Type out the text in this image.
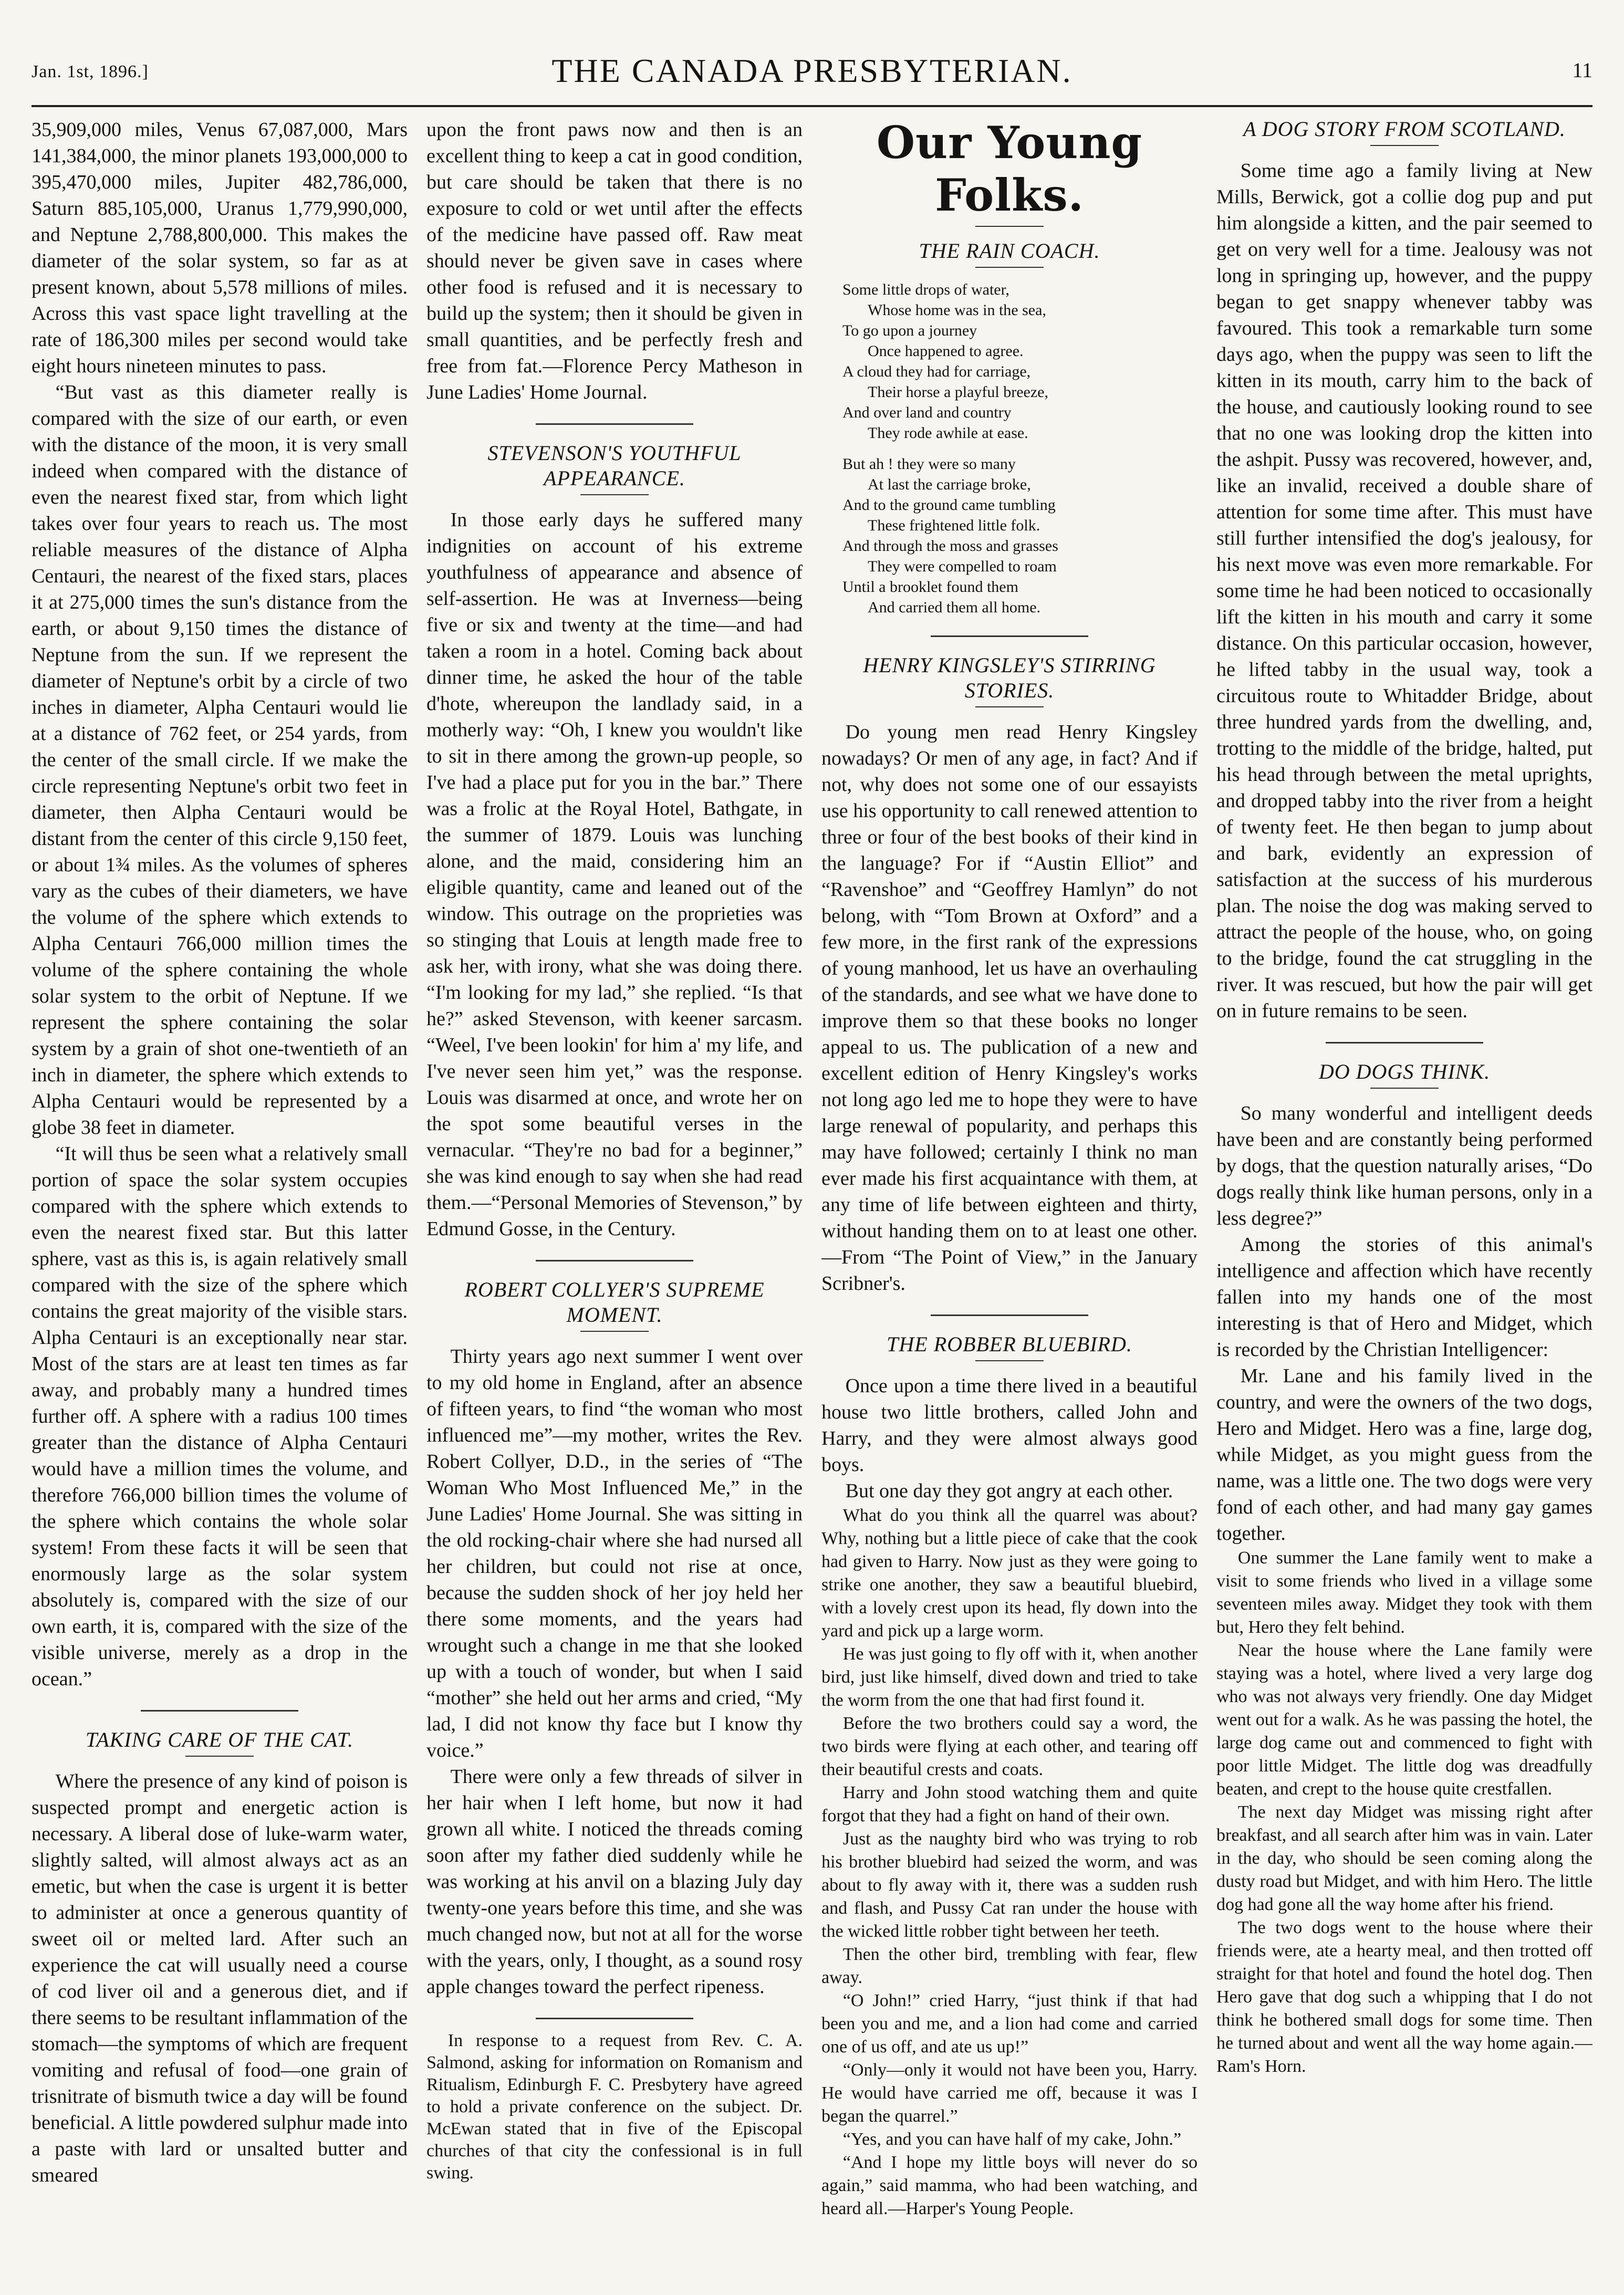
Jan. 1st, 1896.]	THE CANADA PRESBYTERIAN.	11

35,909,000 miles, Venus 67,087,000, Mars 141,384,000, the minor planets 193,000,000 to 395,470,000 miles, Jupiter 482,786,000, Saturn 885,105,000, Uranus 1,779,990,000, and Neptune 2,788,800,000. This makes the diameter of the solar system, so far as at present known, about 5,578 millions of miles. Across this vast space light travelling at the rate of 186,300 miles per second would take eight hours nineteen minutes to pass.

“But vast as this diameter really is compared with the size of our earth, or even with the distance of the moon, it is very small indeed when compared with the distance of even the nearest fixed star, from which light takes over four years to reach us. The most reliable measures of the distance of Alpha Centauri, the nearest of the fixed stars, places it at 275,000 times the sun's distance from the earth, or about 9,150 times the distance of Neptune from the sun. If we represent the diameter of Neptune's orbit by a circle of two inches in diameter, Alpha Centauri would lie at a distance of 762 feet, or 254 yards, from the center of the small circle. If we make the circle representing Neptune's orbit two feet in diameter, then Alpha Centauri would be distant from the center of this circle 9,150 feet, or about 1¾ miles. As the volumes of spheres vary as the cubes of their diameters, we have the volume of the sphere which extends to Alpha Centauri 766,000 million times the volume of the sphere containing the whole solar system to the orbit of Neptune. If we represent the sphere containing the solar system by a grain of shot one-twentieth of an inch in diameter, the sphere which extends to Alpha Centauri would be represented by a globe 38 feet in diameter.

“It will thus be seen what a relatively small portion of space the solar system occupies compared with the sphere which extends to even the nearest fixed star. But this latter sphere, vast as this is, is again relatively small compared with the size of the sphere which contains the great majority of the visible stars. Alpha Centauri is an exceptionally near star. Most of the stars are at least ten times as far away, and probably many a hundred times further off. A sphere with a radius 100 times greater than the distance of Alpha Centauri would have a million times the volume, and therefore 766,000 billion times the volume of the sphere which contains the whole solar system! From these facts it will be seen that enormously large as the solar system absolutely is, compared with the size of our own earth, it is, compared with the size of the visible universe, merely as a drop in the ocean.”

TAKING CARE OF THE CAT.

Where the presence of any kind of poison is suspected prompt and energetic action is necessary. A liberal dose of luke-warm water, slightly salted, will almost always act as an emetic, but when the case is urgent it is better to administer at once a generous quantity of sweet oil or melted lard. After such an experience the cat will usually need a course of cod liver oil and a generous diet, and if there seems to be resultant inflammation of the stomach—the symptoms of which are frequent vomiting and refusal of food—one grain of trisnitrate of bismuth twice a day will be found beneficial. A little powdered sulphur made into a paste with lard or unsalted butter and smeared

upon the front paws now and then is an excellent thing to keep a cat in good condition, but care should be taken that there is no exposure to cold or wet until after the effects of the medicine have passed off. Raw meat should never be given save in cases where other food is refused and it is necessary to build up the system; then it should be given in small quantities, and be perfectly fresh and free from fat.—Florence Percy Matheson in June Ladies' Home Journal.

STEVENSON'S YOUTHFUL APPEARANCE.

In those early days he suffered many indignities on account of his extreme youthfulness of appearance and absence of self-assertion. He was at Inverness—being five or six and twenty at the time—and had taken a room in a hotel. Coming back about dinner time, he asked the hour of the table d'hote, whereupon the landlady said, in a motherly way: “Oh, I knew you wouldn't like to sit in there among the grown-up people, so I've had a place put for you in the bar.” There was a frolic at the Royal Hotel, Bathgate, in the summer of 1879. Louis was lunching alone, and the maid, considering him an eligible quantity, came and leaned out of the window. This outrage on the proprieties was so stinging that Louis at length made free to ask her, with irony, what she was doing there. “I'm looking for my lad,” she replied. “Is that he?” asked Stevenson, with keener sarcasm. “Weel, I've been lookin' for him a' my life, and I've never seen him yet,” was the response. Louis was disarmed at once, and wrote her on the spot some beautiful verses in the vernacular. “They're no bad for a beginner,” she was kind enough to say when she had read them.—“Personal Memories of Stevenson,” by Edmund Gosse, in the Century.

ROBERT COLLYER'S SUPREME MOMENT.

Thirty years ago next summer I went over to my old home in England, after an absence of fifteen years, to find “the woman who most influenced me”—my mother, writes the Rev. Robert Collyer, D.D., in the series of “The Woman Who Most Influenced Me,” in the June Ladies' Home Journal. She was sitting in the old rocking-chair where she had nursed all her children, but could not rise at once, because the sudden shock of her joy held her there some moments, and the years had wrought such a change in me that she looked up with a touch of wonder, but when I said “mother” she held out her arms and cried, “My lad, I did not know thy face but I know thy voice.”

There were only a few threads of silver in her hair when I left home, but now it had grown all white. I noticed the threads coming soon after my father died suddenly while he was working at his anvil on a blazing July day twenty-one years before this time, and she was much changed now, but not at all for the worse with the years, only, I thought, as a sound rosy apple changes toward the perfect ripeness.

In response to a request from Rev. C. A. Salmond, asking for information on Romanism and Ritualism, Edinburgh F. C. Presbytery have agreed to hold a private conference on the subject. Dr. McEwan stated that in five of the Episcopal churches of that city the confessional is in full swing.

Our Young Folks.
THE RAIN COACH.
Some little drops of water,
Whose home was in the sea,
To go upon a journey
Once happened to agree.
A cloud they had for carriage,
Their horse a playful breeze,
And over land and country
They rode awhile at ease.
But ah ! they were so many
At last the carriage broke,
And to the ground came tumbling
These frightened little folk.
And through the moss and grasses
They were compelled to roam
Until a brooklet found them
And carried them all home.
HENRY KINGSLEY'S STIRRING STORIES.

Do young men read Henry Kingsley nowadays? Or men of any age, in fact? And if not, why does not some one of our essayists use his opportunity to call renewed attention to three or four of the best books of their kind in the language? For if “Austin Elliot” and “Ravenshoe” and “Geoffrey Hamlyn” do not belong, with “Tom Brown at Oxford” and a few more, in the first rank of the expressions of young manhood, let us have an overhauling of the standards, and see what we have done to improve them so that these books no longer appeal to us. The publication of a new and excellent edition of Henry Kingsley's works not long ago led me to hope they were to have large renewal of popularity, and perhaps this may have followed; certainly I think no man ever made his first acquaintance with them, at any time of life between eighteen and thirty, without handing them on to at least one other.—From “The Point of View,” in the January Scribner's.

THE ROBBER BLUEBIRD.

Once upon a time there lived in a beautiful house two little brothers, called John and Harry, and they were almost always good boys.

But one day they got angry at each other.

What do you think all the quarrel was about? Why, nothing but a little piece of cake that the cook had given to Harry. Now just as they were going to strike one another, they saw a beautiful bluebird, with a lovely crest upon its head, fly down into the yard and pick up a large worm.

He was just going to fly off with it, when another bird, just like himself, dived down and tried to take the worm from the one that had first found it.

Before the two brothers could say a word, the two birds were flying at each other, and tearing off their beautiful crests and coats.

Harry and John stood watching them and quite forgot that they had a fight on hand of their own.

Just as the naughty bird who was trying to rob his brother bluebird had seized the worm, and was about to fly away with it, there was a sudden rush and flash, and Pussy Cat ran under the house with the wicked little robber tight between her teeth.

Then the other bird, trembling with fear, flew away.

“O John!” cried Harry, “just think if that had been you and me, and a lion had come and carried one of us off, and ate us up!”

“Only—only it would not have been you, Harry. He would have carried me off, because it was I began the quarrel.”

“Yes, and you can have half of my cake, John.”

“And I hope my little boys will never do so again,” said mamma, who had been watching, and heard all.—Harper's Young People.

A DOG STORY FROM SCOTLAND.

Some time ago a family living at New Mills, Berwick, got a collie dog pup and put him alongside a kitten, and the pair seemed to get on very well for a time. Jealousy was not long in springing up, however, and the puppy began to get snappy whenever tabby was favoured. This took a remarkable turn some days ago, when the puppy was seen to lift the kitten in its mouth, carry him to the back of the house, and cautiously looking round to see that no one was looking drop the kitten into the ashpit. Pussy was recovered, however, and, like an invalid, received a double share of attention for some time after. This must have still further intensified the dog's jealousy, for his next move was even more remarkable. For some time he had been noticed to occasionally lift the kitten in his mouth and carry it some distance. On this particular occasion, however, he lifted tabby in the usual way, took a circuitous route to Whitadder Bridge, about three hundred yards from the dwelling, and, trotting to the middle of the bridge, halted, put his head through between the metal uprights, and dropped tabby into the river from a height of twenty feet. He then began to jump about and bark, evidently an expression of satisfaction at the success of his murderous plan. The noise the dog was making served to attract the people of the house, who, on going to the bridge, found the cat struggling in the river. It was rescued, but how the pair will get on in future remains to be seen.

DO DOGS THINK.

So many wonderful and intelligent deeds have been and are constantly being performed by dogs, that the question naturally arises, “Do dogs really think like human persons, only in a less degree?”

Among the stories of this animal's intelligence and affection which have recently fallen into my hands one of the most interesting is that of Hero and Midget, which is recorded by the Christian Intelligencer:

Mr. Lane and his family lived in the country, and were the owners of the two dogs, Hero and Midget. Hero was a fine, large dog, while Midget, as you might guess from the name, was a little one. The two dogs were very fond of each other, and had many gay games together.

One summer the Lane family went to make a visit to some friends who lived in a village some seventeen miles away. Midget they took with them but, Hero they felt behind.

Near the house where the Lane family were staying was a hotel, where lived a very large dog who was not always very friendly. One day Midget went out for a walk. As he was passing the hotel, the large dog came out and commenced to fight with poor little Midget. The little dog was dreadfully beaten, and crept to the house quite crestfallen.

The next day Midget was missing right after breakfast, and all search after him was in vain. Later in the day, who should be seen coming along the dusty road but Midget, and with him Hero. The little dog had gone all the way home after his friend.

The two dogs went to the house where their friends were, ate a hearty meal, and then trotted off straight for that hotel and found the hotel dog. Then Hero gave that dog such a whipping that I do not think he bothered small dogs for some time. Then he turned about and went all the way home again.—Ram's Horn.
